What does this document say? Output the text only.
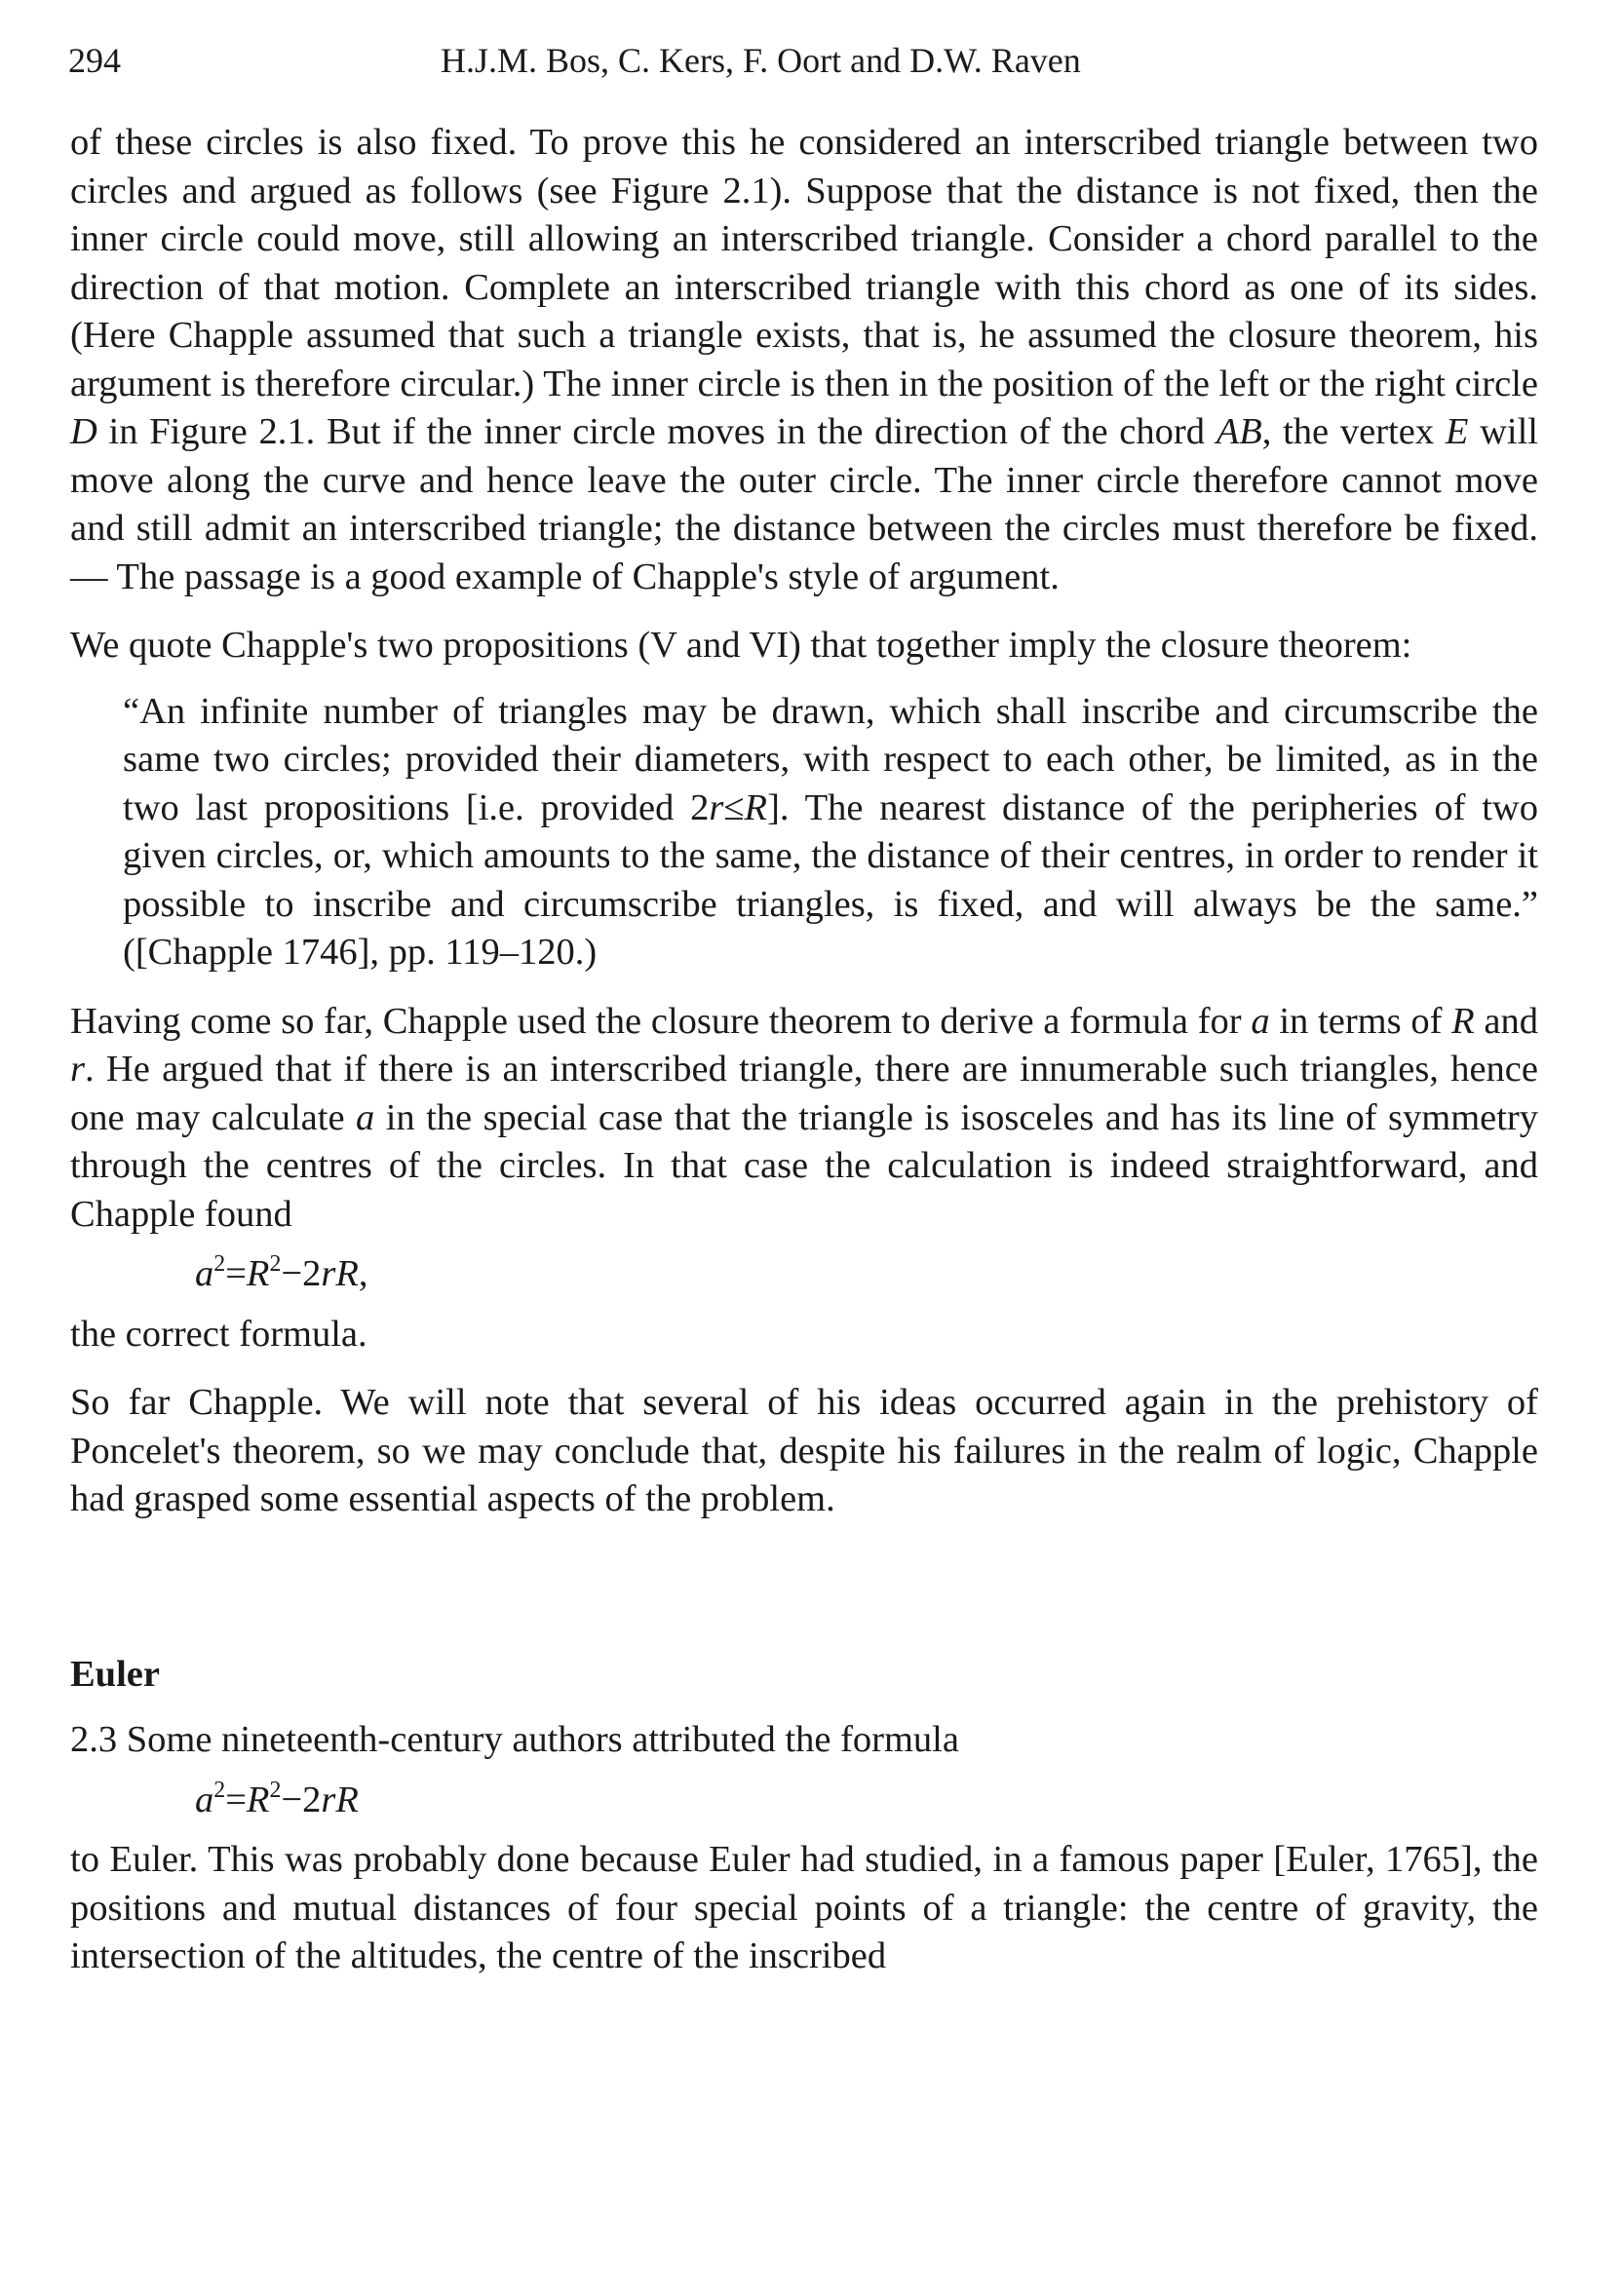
294	H.J.M. Bos, C. Kers, F. Oort and D.W. Raven

of these circles is also fixed. To prove this he considered an interscribed triangle between two circles and argued as follows (see Figure 2.1). Suppose that the distance is not fixed, then the inner circle could move, still allowing an interscribed triangle. Consider a chord parallel to the direction of that motion. Complete an interscribed triangle with this chord as one of its sides. (Here Chapple assumed that such a triangle exists, that is, he assumed the closure theorem, his argument is therefore circular.) The inner circle is then in the position of the left or the right circle D in Figure 2.1. But if the inner circle moves in the direction of the chord AB, the vertex E will move along the curve and hence leave the outer circle. The inner circle therefore cannot move and still admit an interscribed triangle; the distance between the circles must therefore be fixed. — The passage is a good example of Chapple's style of argument.

We quote Chapple's two propositions (V and VI) that together imply the closure theorem:

“An infinite number of triangles may be drawn, which shall inscribe and circumscribe the same two circles; provided their diameters, with respect to each other, be limited, as in the two last propositions [i.e. provided 2r≤R]. The nearest distance of the peripheries of two given circles, or, which amounts to the same, the distance of their centres, in order to render it possible to inscribe and circumscribe triangles, is fixed, and will always be the same.” ([Chapple 1746], pp. 119–120.)

Having come so far, Chapple used the closure theorem to derive a formula for a in terms of R and r. He argued that if there is an interscribed triangle, there are innumerable such triangles, hence one may calculate a in the special case that the triangle is isosceles and has its line of symmetry through the centres of the circles. In that case the calculation is indeed straightforward, and Chapple found

$a^2=R^2-2rR$,

the correct formula.

So far Chapple. We will note that several of his ideas occurred again in the prehistory of Poncelet's theorem, so we may conclude that, despite his failures in the realm of logic, Chapple had grasped some essential aspects of the problem.

Euler

2.3 Some nineteenth-century authors attributed the formula

$a^2=R^2-2rR$

to Euler. This was probably done because Euler had studied, in a famous paper [Euler, 1765], the positions and mutual distances of four special points of a triangle: the centre of gravity, the intersection of the altitudes, the centre of the inscribed
